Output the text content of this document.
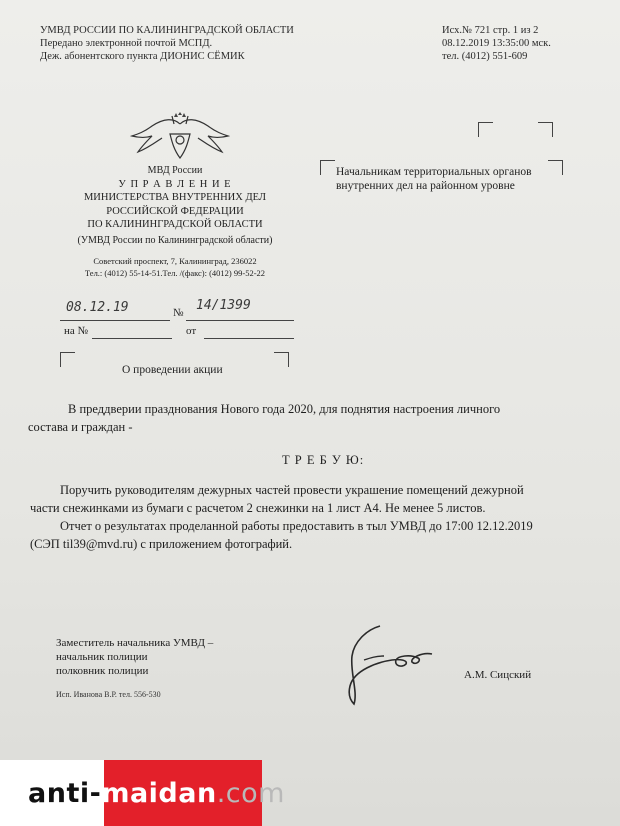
УМВД РОССИИ ПО КАЛИНИНГРАДСКОЙ ОБЛАСТИ
Передано электронной почтой МСПД.
Деж. абонентского пункта ДИОНИС СЁМИК
Исх.№ 721 стр. 1 из 2
08.12.2019 13:35:00 мск.
тел. (4012) 551-609
МВД России
У П Р А В Л Е Н И Е
МИНИСТЕРСТВА ВНУТРЕННИХ ДЕЛ
РОССИЙСКОЙ ФЕДЕРАЦИИ
ПО КАЛИНИНГРАДСКОЙ ОБЛАСТИ
(УМВД России по Калининградской области)
Советский проспект, 7, Калининград, 236022
Тел.: (4012) 55-14-51.Тел. /(факс): (4012) 99-52-22
08.12.19	№ 14/1399
на №	от
О проведении акции
Начальникам территориальных органов внутренних дел на районном уровне
В преддверии празднования Нового года 2020, для поднятия настроения личного
состава и граждан -
Т Р Е Б У Ю:
Поручить руководителям дежурных частей провести украшение помещений дежурной
части снежинками из бумаги с расчетом 2 снежинки на 1 лист А4. Не менее 5 листов.
Отчет о результатах проделанной работы предоставить в тыл УМВД до 17:00 12.12.2019
(СЭП til39@mvd.ru) с приложением фотографий.
Заместитель начальника УМВД –
начальник полиции
полковник полиции	А.М. Сицский
Исп. Иванова В.Р. тел. 556-530
anti-maidan.com
